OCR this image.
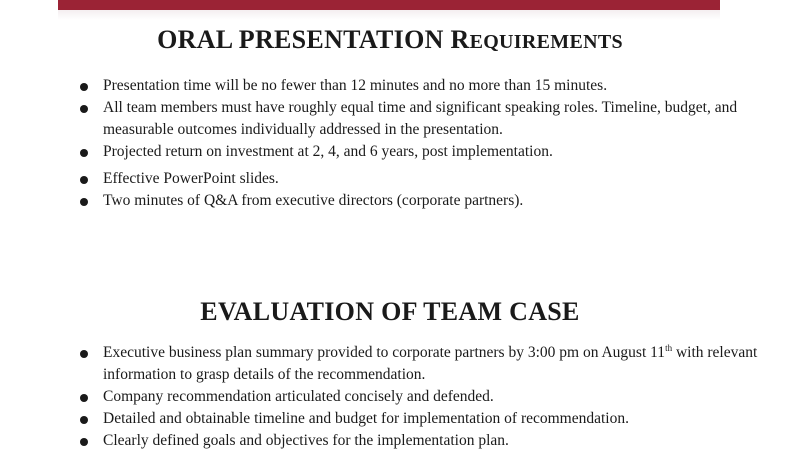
ORAL PRESENTATION REQUIREMENTS
Presentation time will be no fewer than 12 minutes and no more than 15 minutes.
All team members must have roughly equal time and significant speaking roles. Timeline, budget, and measurable outcomes individually addressed in the presentation.
Projected return on investment at 2, 4, and 6 years, post implementation.
Effective PowerPoint slides.
Two minutes of Q&A from executive directors (corporate partners).
EVALUATION OF TEAM CASE
Executive business plan summary provided to corporate partners by 3:00 pm on August 11th with relevant information to grasp details of the recommendation.
Company recommendation articulated concisely and defended.
Detailed and obtainable timeline and budget for implementation of recommendation.
Clearly defined goals and objectives for the implementation plan.
